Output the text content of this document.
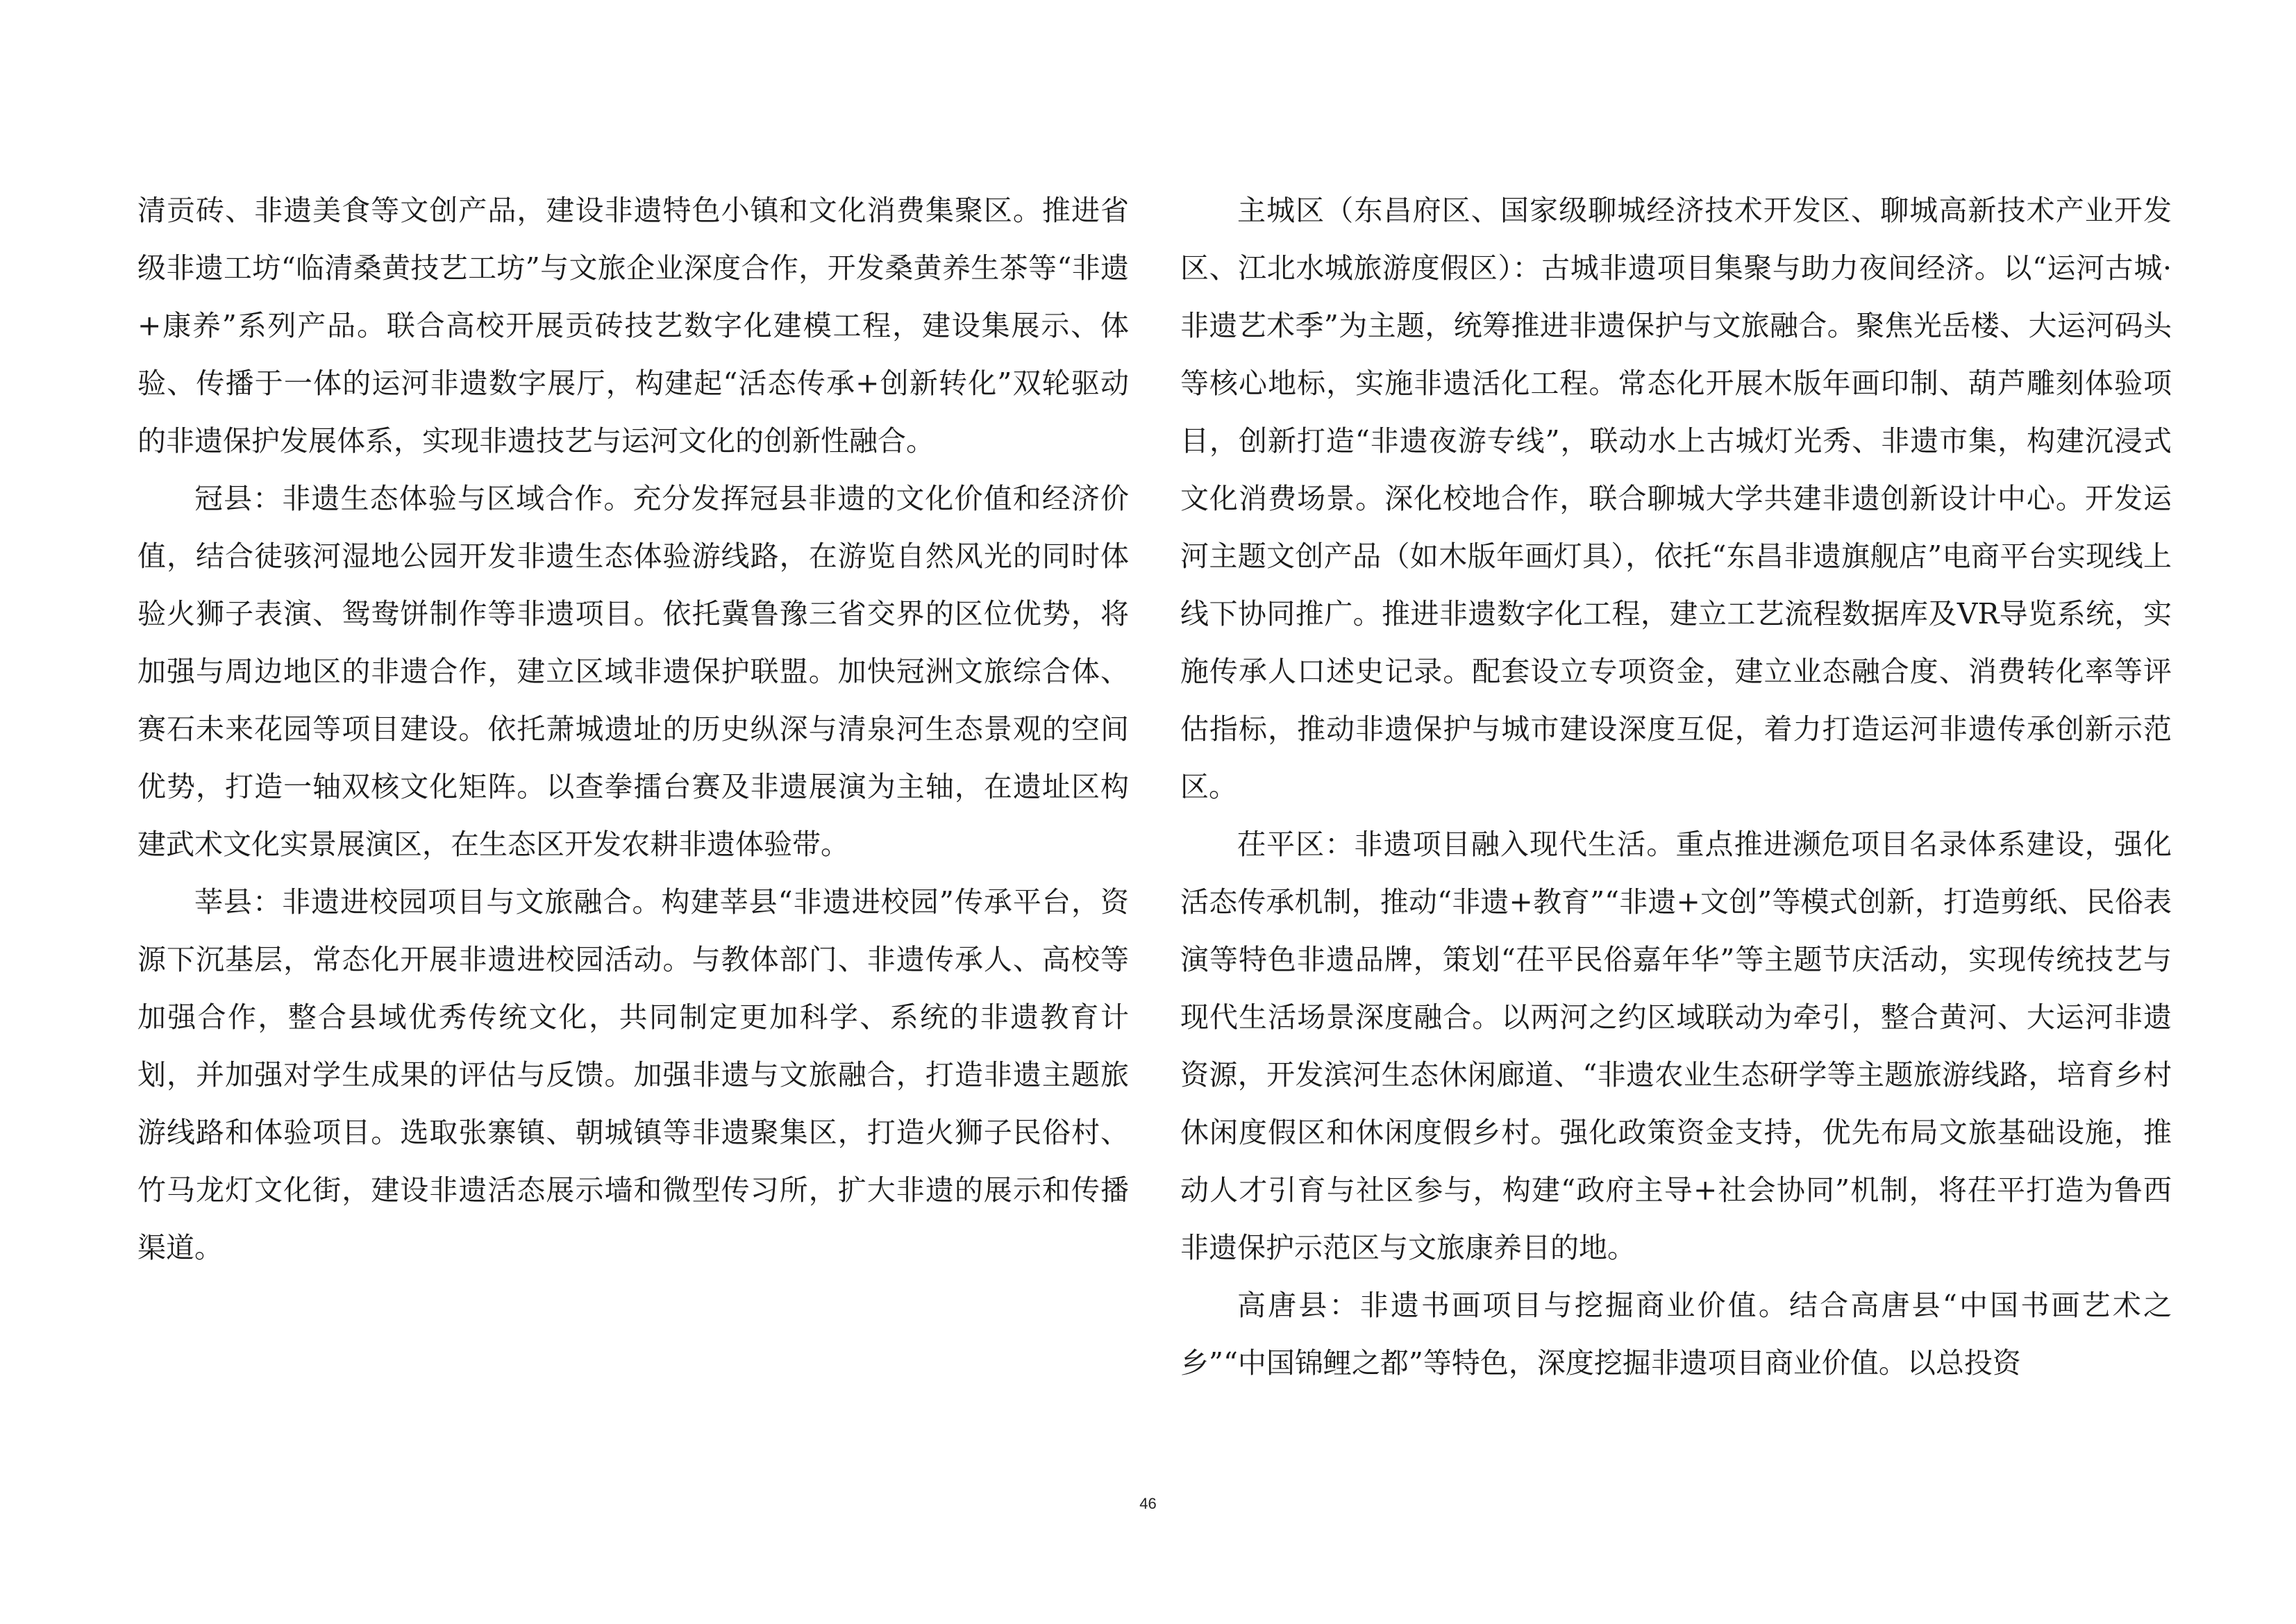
清贡砖、非遗美食等文创产品，建设非遗特色小镇和文化消费集聚区。推进省级非遗工坊“临清桑黄技艺工坊”与文旅企业深度合作，开发桑黄养生茶等“非遗+康养”系列产品。联合高校开展贡砖技艺数字化建模工程，建设集展示、体验、传播于一体的运河非遗数字展厅，构建起“活态传承+创新转化”双轮驱动的非遗保护发展体系，实现非遗技艺与运河文化的创新性融合。

冠县：非遗生态体验与区域合作。充分发挥冠县非遗的文化价值和经济价值，结合徒骇河湿地公园开发非遗生态体验游线路，在游览自然风光的同时体验火狮子表演、鸳鸯饼制作等非遗项目。依托冀鲁豫三省交界的区位优势，将加强与周边地区的非遗合作，建立区域非遗保护联盟。加快冠洲文旅综合体、赛石未来花园等项目建设。依托萧城遗址的历史纵深与清泉河生态景观的空间优势，打造一轴双核文化矩阵。以查拳擂台赛及非遗展演为主轴，在遗址区构建武术文化实景展演区，在生态区开发农耕非遗体验带。

莘县：非遗进校园项目与文旅融合。构建莘县“非遗进校园”传承平台，资源下沉基层，常态化开展非遗进校园活动。与教体部门、非遗传承人、高校等加强合作，整合县域优秀传统文化，共同制定更加科学、系统的非遗教育计划，并加强对学生成果的评估与反馈。加强非遗与文旅融合，打造非遗主题旅游线路和体验项目。选取张寨镇、朝城镇等非遗聚集区，打造火狮子民俗村、竹马龙灯文化街，建设非遗活态展示墙和微型传习所，扩大非遗的展示和传播渠道。

主城区（东昌府区、国家级聊城经济技术开发区、聊城高新技术产业开发区、江北水城旅游度假区）：古城非遗项目集聚与助力夜间经济。以“运河古城·非遗艺术季”为主题，统筹推进非遗保护与文旅融合。聚焦光岳楼、大运河码头等核心地标，实施非遗活化工程。常态化开展木版年画印制、葫芦雕刻体验项目，创新打造“非遗夜游专线”，联动水上古城灯光秀、非遗市集，构建沉浸式文化消费场景。深化校地合作，联合聊城大学共建非遗创新设计中心。开发运河主题文创产品（如木版年画灯具），依托“东昌非遗旗舰店”电商平台实现线上线下协同推广。推进非遗数字化工程，建立工艺流程数据库及VR导览系统，实施传承人口述史记录。配套设立专项资金，建立业态融合度、消费转化率等评估指标，推动非遗保护与城市建设深度互促，着力打造运河非遗传承创新示范区。

茌平区：非遗项目融入现代生活。重点推进濒危项目名录体系建设，强化活态传承机制，推动“非遗+教育”“非遗+文创”等模式创新，打造剪纸、民俗表演等特色非遗品牌，策划“茌平民俗嘉年华”等主题节庆活动，实现传统技艺与现代生活场景深度融合。以两河之约区域联动为牵引，整合黄河、大运河非遗资源，开发滨河生态休闲廊道、“非遗农业生态研学等主题旅游线路，培育乡村休闲度假区和休闲度假乡村。强化政策资金支持，优先布局文旅基础设施，推动人才引育与社区参与，构建“政府主导+社会协同”机制，将茌平打造为鲁西非遗保护示范区与文旅康养目的地。

高唐县：非遗书画项目与挖掘商业价值。结合高唐县“中国书画艺术之乡”“中国锦鲤之都”等特色，深度挖掘非遗项目商业价值。以总投资

46
